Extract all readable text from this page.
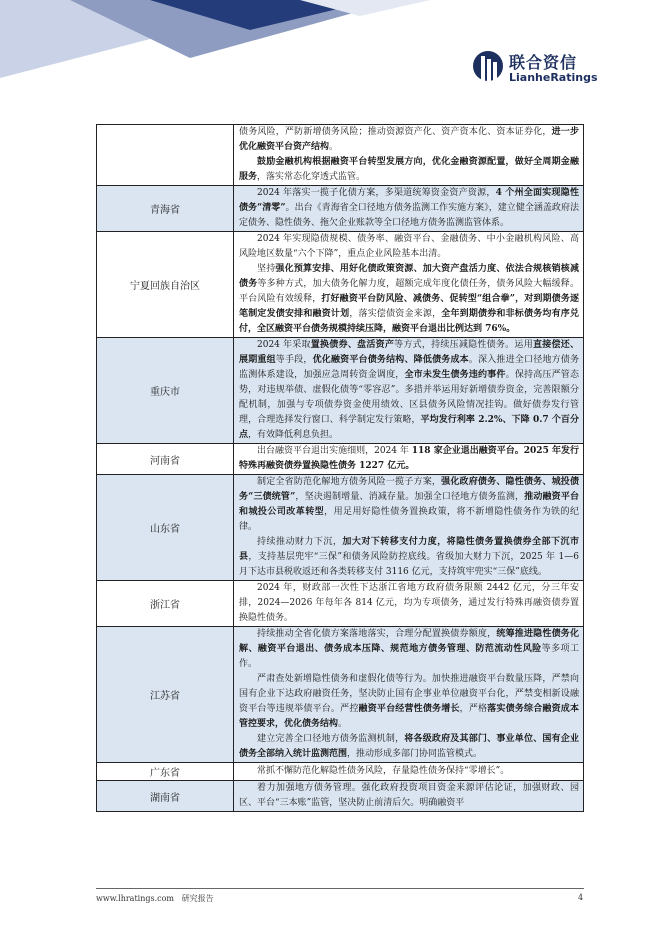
联合资信
LianheRatings

	债务风险，严防新增债务风险；推动资源资产化、资产资本化、资本证券化，进一步优化融资平台资产结构。

鼓励金融机构根据融资平台转型发展方向，优化金融资源配置，做好全周期金融服务，落实常态化穿透式监管。

青海省	2024 年落实一揽子化债方案，多渠道统筹资金资产资源，4 个州全面实现隐性债务“清零”。出台《青海省全口径地方债务监测工作实施方案》，建立健全涵盖政府法定债务、隐性债务、拖欠企业账款等全口径地方债务监测监管体系。

宁夏回族自治区	2024 年实现隐债规模、债务率、融资平台、金融债务、中小金融机构风险、高风险地区数量“六个下降”，重点企业风险基本出清。

坚持强化预算安排、用好化债政策资源、加大资产盘活力度、依法合规核销核减债务等多种方式，加大债务化解力度，超额完成年度化债任务，债务风险大幅缓释。平台风险有效缓释，打好融资平台防风险、减债务、促转型“组合拳”，对到期债务逐笔制定发债安排和融资计划，落实偿债资金来源，全年到期债券和非标债务均有序兑付，全区融资平台债务规模持续压降，融资平台退出比例达到 76%。

重庆市	2024 年采取置换债券、盘活资产等方式，持续压减隐性债务。运用直接偿还、展期重组等手段，优化融资平台债务结构、降低债务成本。深入推进全口径地方债务监测体系建设，加强应急周转资金调度，全市未发生债务违约事件。保持高压严管态势，对违规举债、虚假化债等“零容忍”。多措并举运用好新增债券资金，完善限额分配机制，加强与专项债券资金使用绩效、区县债务风险情况挂钩。做好债券发行管理，合理选择发行窗口、科学制定发行策略，平均发行利率 2.2%、下降 0.7 个百分点，有效降低利息负担。

河南省	出台融资平台退出实施细则，2024 年 118 家企业退出融资平台。2025 年发行特殊再融资债券置换隐性债务 1227 亿元。

山东省	制定全省防范化解地方债务风险一揽子方案，强化政府债务、隐性债务、城投债务“三债统管”，坚决遏制增量、消减存量。加强全口径地方债务监测，推动融资平台和城投公司改革转型，用足用好隐性债务置换政策，将不新增隐性债务作为铁的纪律。

持续推动财力下沉，加大对下转移支付力度，将隐性债务置换债券全部下沉市县，支持基层兜牢“三保”和债务风险防控底线。省级加大财力下沉，2025 年 1—6 月下达市县税收返还和各类转移支付 3116 亿元，支持筑牢兜实“三保”底线。

浙江省	2024 年，财政部一次性下达浙江省地方政府债务限额 2442 亿元，分三年安排，2024—2026 年每年各 814 亿元，均为专项债务，通过发行特殊再融资债券置换隐性债务。

江苏省	持续推动全省化债方案落地落实，合理分配置换债券额度，统筹推进隐性债务化解、融资平台退出、债务成本压降、规范地方债务管理、防范流动性风险等多项工作。

严肃查处新增隐性债务和虚假化债等行为。加快推进融资平台数量压降，严禁向国有企业下达政府融资任务，坚决防止国有企事业单位融资平台化，严禁变相新设融资平台等违规举债平台。严控融资平台经营性债务增长，严格落实债务综合融资成本管控要求，优化债务结构。

建立完善全口径地方债务监测机制，将各级政府及其部门、事业单位、国有企业债务全部纳入统计监测范围，推动形成多部门协同监管模式。

广东省	常抓不懈防范化解隐性债务风险，存量隐性债务保持“零增长”。

湖南省	着力加强地方债务管理。强化政府投资项目资金来源评估论证，加强财政、园区、平台“三本账”监管，坚决防止前清后欠。明确融资平

www.lhratings.com 研究报告	4
